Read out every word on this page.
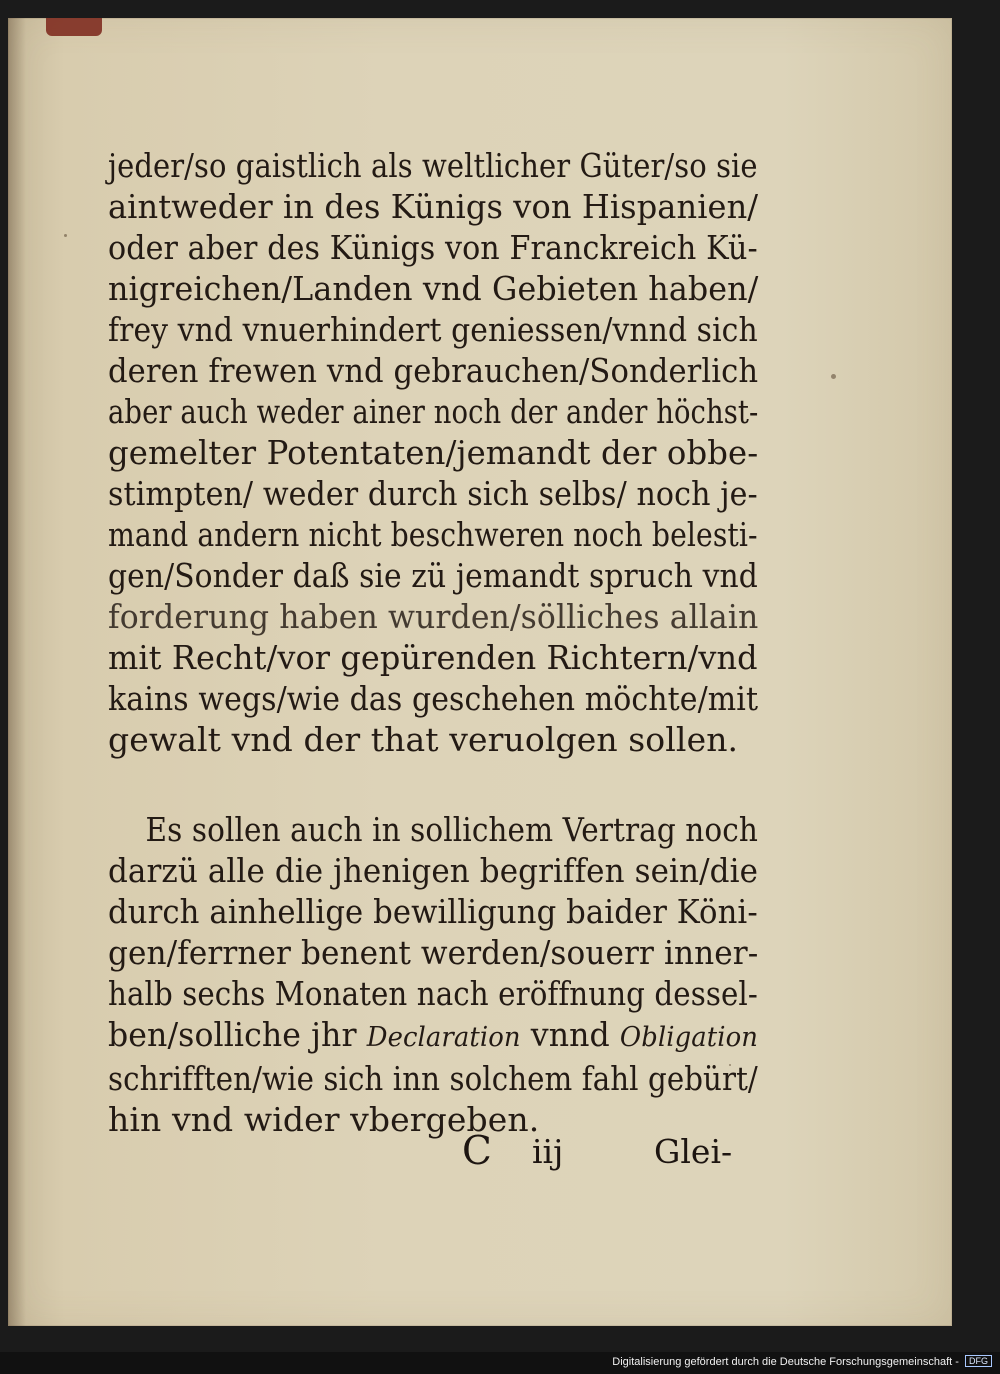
jeder/so gaistlich als weltlicher Güter/so sie
aintweder in des Künigs von Hispanien/
oder aber des Künigs von Franckreich Kü-
nigreichen/Landen vnd Gebieten haben/
frey vnd vnuerhindert geniessen/vnnd sich
deren frewen vnd gebrauchen/Sonderlich
aber auch weder ainer noch der ander höchst-
gemelter Potentaten/jemandt der obbe-
stimpten/ weder durch sich selbs/ noch je-
mand andern nicht beschweren noch belesti-
gen/Sonder daß sie zü jemandt spruch vnd
forderung haben wurden/sölliches allain
mit Recht/vor gepürenden Richtern/vnd
kains wegs/wie das geschehen möchte/mit
gewalt vnd der that veruolgen sollen.
Es sollen auch in sollichem Vertrag noch
darzü alle die jhenigen begriffen sein/die
durch ainhellige bewilligung baider Köni-
gen/ferrner benent werden/souerr inner-
halb sechs Monaten nach eröffnung dessel-
ben/solliche jhr Declaration vnnd Obligation
schrifften/wie sich inn solchem fahl gebürt/
hin vnd wider vbergeben.
C iij	Glei-
Digitalisierung gefördert durch die Deutsche Forschungsgemeinschaft - DFG
